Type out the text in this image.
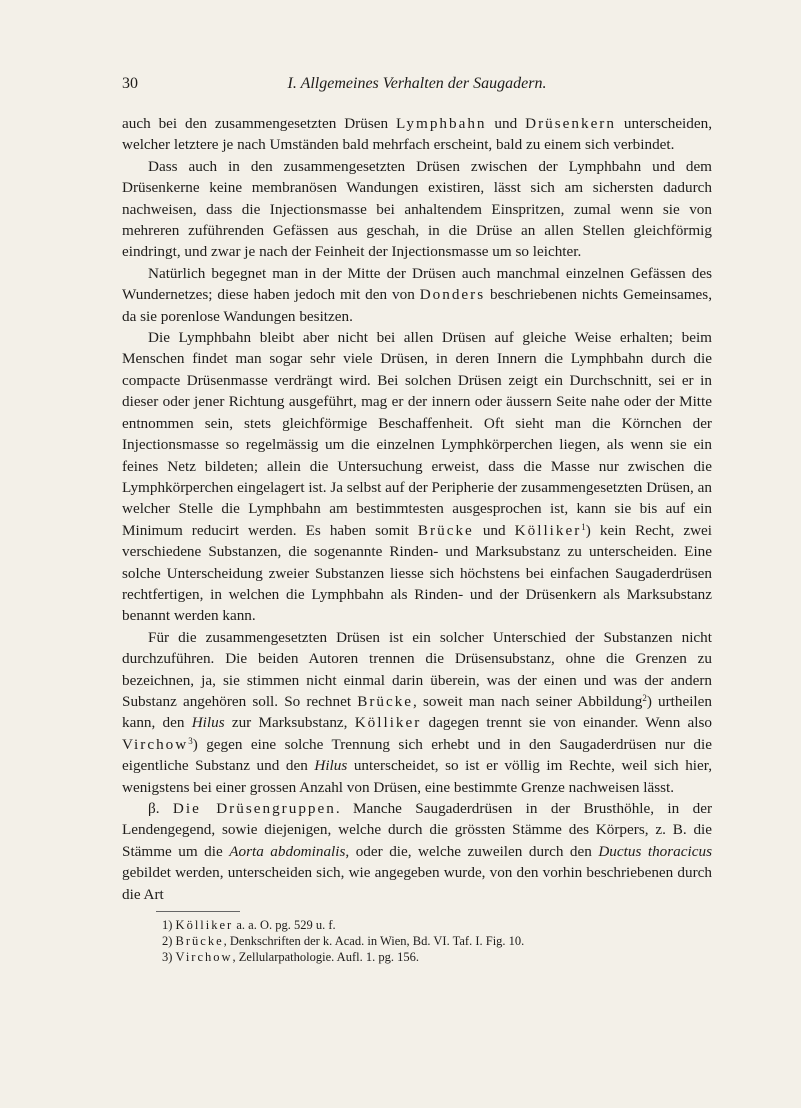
30	I. Allgemeines Verhalten der Saugadern.

auch bei den zusammengesetzten Drüsen Lymphbahn und Drüsenkern unterscheiden, welcher letztere je nach Umständen bald mehrfach erscheint, bald zu einem sich verbindet.

Dass auch in den zusammengesetzten Drüsen zwischen der Lymphbahn und dem Drüsenkerne keine membranösen Wandungen existiren, lässt sich am sichersten dadurch nachweisen, dass die Injectionsmasse bei anhaltendem Einspritzen, zumal wenn sie von mehreren zuführenden Gefässen aus geschah, in die Drüse an allen Stellen gleichförmig eindringt, und zwar je nach der Feinheit der Injectionsmasse um so leichter.

Natürlich begegnet man in der Mitte der Drüsen auch manchmal einzelnen Gefässen des Wundernetzes; diese haben jedoch mit den von Donders beschriebenen nichts Gemeinsames, da sie porenlose Wandungen besitzen.

Die Lymphbahn bleibt aber nicht bei allen Drüsen auf gleiche Weise erhalten; beim Menschen findet man sogar sehr viele Drüsen, in deren Innern die Lymphbahn durch die compacte Drüsenmasse verdrängt wird. Bei solchen Drüsen zeigt ein Durchschnitt, sei er in dieser oder jener Richtung ausgeführt, mag er der innern oder äussern Seite nahe oder der Mitte entnommen sein, stets gleichförmige Beschaffenheit. Oft sieht man die Körnchen der Injectionsmasse so regelmässig um die einzelnen Lymphkörperchen liegen, als wenn sie ein feines Netz bildeten; allein die Untersuchung erweist, dass die Masse nur zwischen die Lymphkörperchen eingelagert ist. Ja selbst auf der Peripherie der zusammengesetzten Drüsen, an welcher Stelle die Lymphbahn am bestimmtesten ausgesprochen ist, kann sie bis auf ein Minimum reducirt werden. Es haben somit Brücke und Kölliker$^1$) kein Recht, zwei verschiedene Substanzen, die sogenannte Rinden- und Marksubstanz zu unterscheiden. Eine solche Unterscheidung zweier Substanzen liesse sich höchstens bei einfachen Saugaderdrüsen rechtfertigen, in welchen die Lymphbahn als Rinden- und der Drüsenkern als Marksubstanz benannt werden kann.

Für die zusammengesetzten Drüsen ist ein solcher Unterschied der Substanzen nicht durchzuführen. Die beiden Autoren trennen die Drüsensubstanz, ohne die Grenzen zu bezeichnen, ja, sie stimmen nicht einmal darin überein, was der einen und was der andern Substanz angehören soll. So rechnet Brücke, soweit man nach seiner Abbildung$^2$) urtheilen kann, den Hilus zur Marksubstanz, Kölliker dagegen trennt sie von einander. Wenn also Virchow$^3$) gegen eine solche Trennung sich erhebt und in den Saugaderdrüsen nur die eigentliche Substanz und den Hilus unterscheidet, so ist er völlig im Rechte, weil sich hier, wenigstens bei einer grossen Anzahl von Drüsen, eine bestimmte Grenze nachweisen lässt.

β. Die Drüsengruppen. Manche Saugaderdrüsen in der Brusthöhle, in der Lendengegend, sowie diejenigen, welche durch die grössten Stämme des Körpers, z. B. die Stämme um die Aorta abdominalis, oder die, welche zuweilen durch den Ductus thoracicus gebildet werden, unterscheiden sich, wie angegeben wurde, von den vorhin beschriebenen durch die Art

1) Kölliker a. a. O. pg. 529 u. f.
2) Brücke, Denkschriften der k. Acad. in Wien, Bd. VI. Taf. I. Fig. 10.
3) Virchow, Zellularpathologie. Aufl. 1. pg. 156.
